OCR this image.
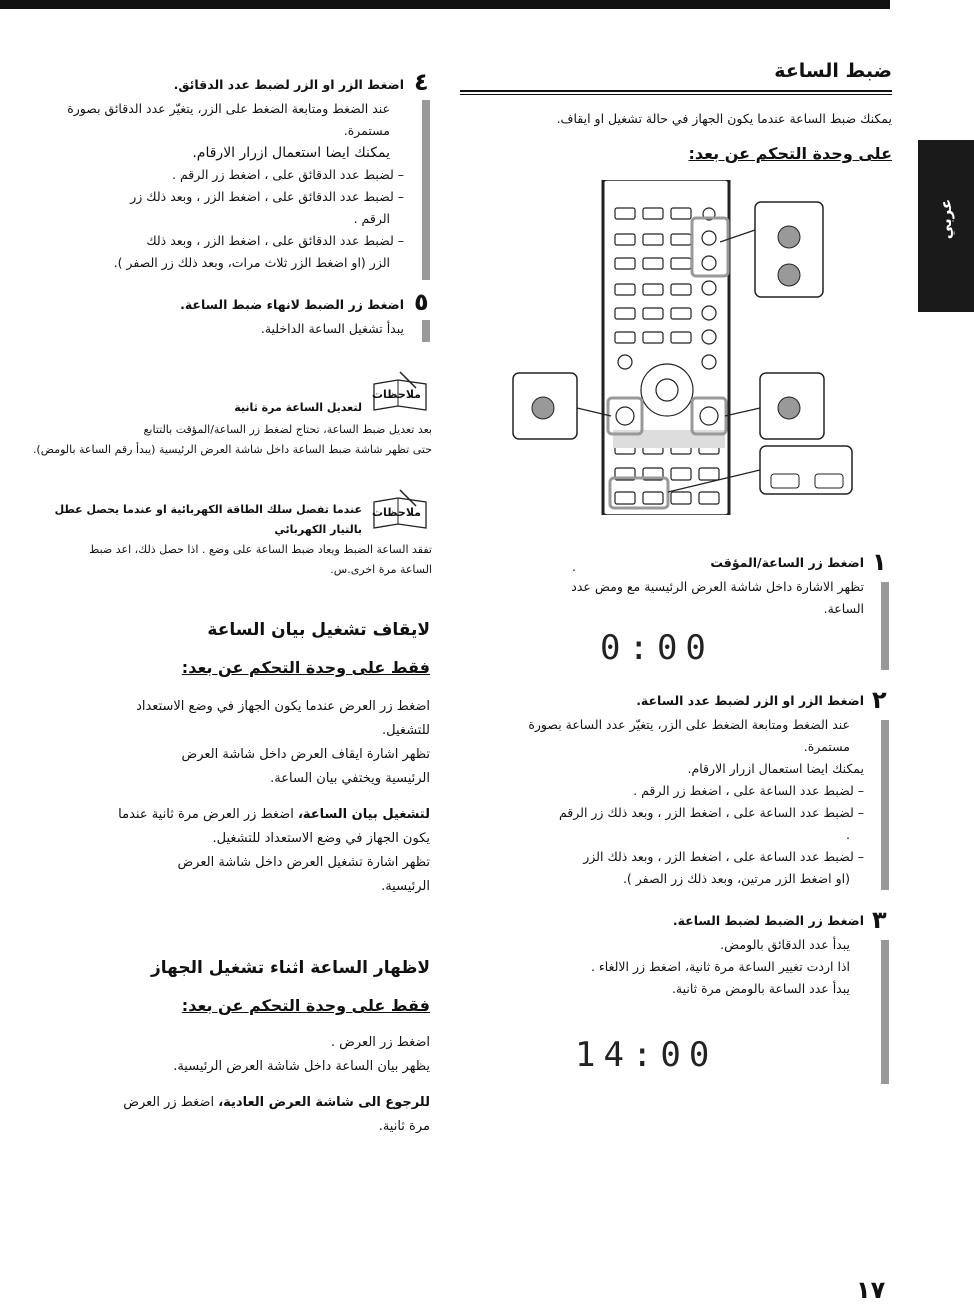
عربي
ضبط الساعة
يمكنك ضبط الساعة عندما يكون الجهاز في حالة تشغيل او ايقاف.
على وحدة التحكم عن بعد:
١
اضغط زر الساعة/المؤقت
.
تظهر الاشارة داخل شاشة العرض الرئيسية مع ومض عدد
الساعة.
0:00
٢
اضغط الزر او الزر لضبط عدد الساعة.
عند الضغط ومتابعة الضغط على الزر، يتغيّر عدد الساعة بصورة
مستمرة.
يمكنك ايضا استعمال ازرار الارقام.
– لضبط عدد الساعة على ، اضغط زر الرقم .
– لضبط عدد الساعة على ، اضغط الزر ، وبعد ذلك زر الرقم
.
– لضبط عدد الساعة على ، اضغط الزر ، وبعد ذلك الزر
(او اضغط الزر مرتين، وبعد ذلك زر الصفر ).
٣
اضغط زر الضبط لضبط الساعة.
يبدأ عدد الدقائق بالومض.
اذا اردت تغيير الساعة مرة ثانية، اضغط زر الالغاء .
يبدأ عدد الساعة بالومض مرة ثانية.
14:00
٤
اضغط الزر او الزر لضبط عدد الدقائق.
عند الضغط ومتابعة الضغط على الزر، يتغيّر عدد الدقائق بصورة
مستمرة.
يمكنك ايضا استعمال ازرار الارقام.
– لضبط عدد الدقائق على ، اضغط زر الرقم .
– لضبط عدد الدقائق على ، اضغط الزر ، وبعد ذلك زر
الرقم .
– لضبط عدد الدقائق على ، اضغط الزر ، وبعد ذلك
الزر (او اضغط الزر ثلاث مرات، وبعد ذلك زر الصفر ).
٥
اضغط زر الضبط لانهاء ضبط الساعة.
يبدأ تشغيل الساعة الداخلية.
ملاحظات
لتعديل الساعة مرة ثانية
بعد تعديل ضبط الساعة، تحتاج لضغط زر الساعة/المؤقت بالتتابع
حتى تظهر شاشة ضبط الساعة داخل شاشة العرض الرئيسية (يبدأ رقم الساعة بالومض).
ملاحظات
عندما تفصل سلك الطاقة الكهربائية او عندما يحصل عطل
بالتيار الكهربائي
تفقد الساعة الضبط ويعاد ضبط الساعة على وضع . اذا حصل ذلك، اعد ضبط
الساعة مرة اخرى.س.
لايقاف تشغيل بيان الساعة
فقط على وحدة التحكم عن بعد:
اضغط زر العرض عندما يكون الجهاز في وضع الاستعداد
للتشغيل.
تظهر اشارة ايقاف العرض داخل شاشة العرض
الرئيسية ويختفي بيان الساعة.
لتشغيل بيان الساعة، اضغط زر العرض مرة ثانية عندما
يكون الجهاز في وضع الاستعداد للتشغيل.
تظهر اشارة تشغيل العرض داخل شاشة العرض
الرئيسية.
لاظهار الساعة اثناء تشغيل الجهاز
فقط على وحدة التحكم عن بعد:
اضغط زر العرض .
يظهر بيان الساعة داخل شاشة العرض الرئيسية.
للرجوع الى شاشة العرض العادية، اضغط زر العرض
مرة ثانية.
١٧
